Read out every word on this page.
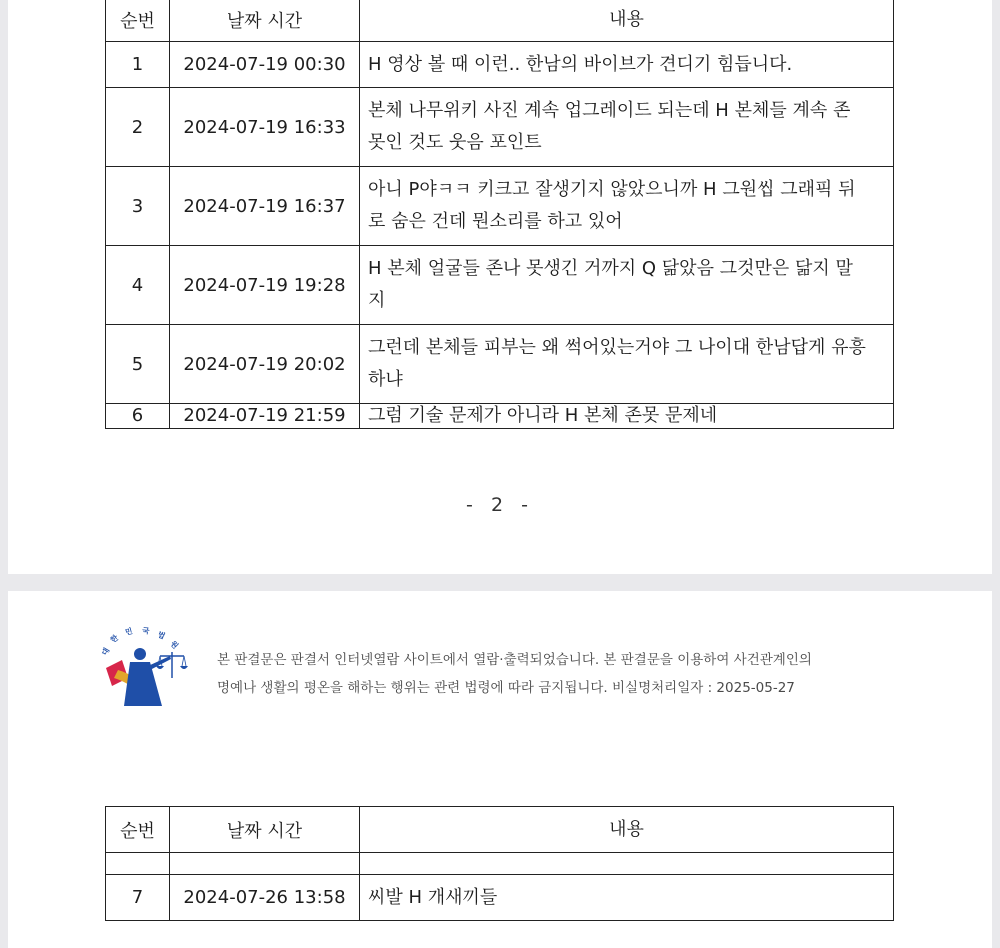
순번	날짜 시간	내용
1	2024-07-19 00:30	H 영상 볼 때 이런.. 한남의 바이브가 견디기 힘듭니다.
2	2024-07-19 16:33	본체 나무위키 사진 계속 업그레이드 되는데 H 본체들 계속 존
못인 것도 웃음 포인트
3	2024-07-19 16:37	아니 P야ㅋㅋ 키크고 잘생기지 않았으니까 H 그원씹 그래픽 뒤
로 숨은 건데 뭔소리를 하고 있어
4	2024-07-19 19:28	H 본체 얼굴들 존나 못생긴 거까지 Q 닮았음 그것만은 닮지 말
지
5	2024-07-19 20:02	그런데 본체들 피부는 왜 썩어있는거야 그 나이대 한남답게 유흥
하냐
6	2024-07-19 21:59	그럼 기술 문제가 아니라 H 본체 존못 문제네
- 2 -
대
한
민 국 법
원
본 판결문은 판결서 인터넷열람 사이트에서 열람·출력되었습니다. 본 판결문을 이용하여 사건관계인의
명예나 생활의 평온을 해하는 행위는 관련 법령에 따라 금지됩니다. 비실명처리일자 : 2025-05-27
순번	날짜 시간	내용

7	2024-07-26 13:58	씨발 H 개새끼들
